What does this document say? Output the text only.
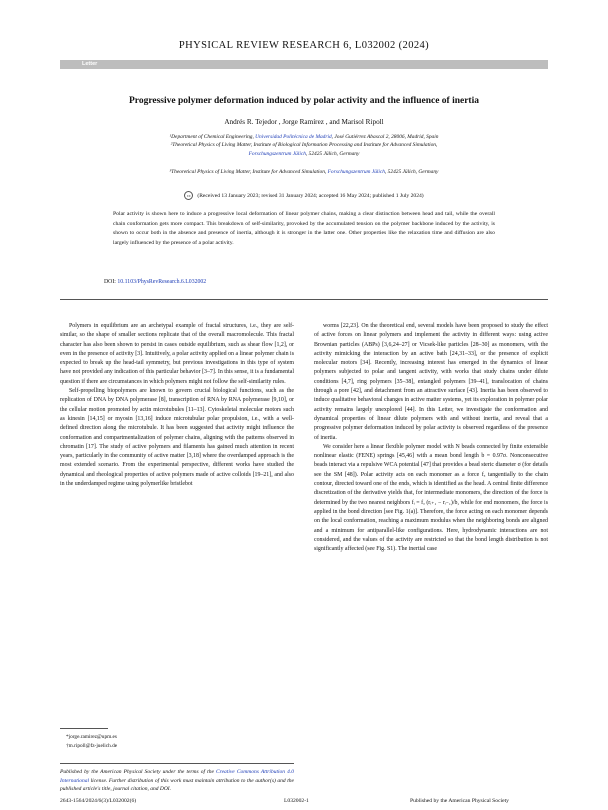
PHYSICAL REVIEW RESEARCH 6, L032002 (2024)
Letter
Progressive polymer deformation induced by polar activity and the influence of inertia
Andrés R. Tejedor , Jorge Ramírez , and Marisol Ripoll
¹Department of Chemical Engineering, Universidad Politécnica de Madrid, José Gutiérrez Abascal 2, 28006, Madrid, Spain
²Theoretical Physics of Living Matter, Institute of Biological Information Processing and Institute for Advanced Simulation,
Forschungszentrum Jülich, 52425 Jülich, Germany
³Theoretical Physics of Living Matter, Institute for Advanced Simulation, Forschungszentrum Jülich, 52425 Jülich, Germany
cc (Received 13 January 2023; revised 31 January 2024; accepted 16 May 2024; published 1 July 2024)
Polar activity is shown here to induce a progressive local deformation of linear polymer chains, making a clear distinction between head and tail, while the overall chain conformation gets more compact. This breakdown of self-similarity, provoked by the accumulated tension on the polymer backbone induced by the activity, is shown to occur both in the absence and presence of inertia, although it is stronger in the latter one. Other properties like the relaxation time and diffusion are also largely influenced by the presence of a polar activity.
DOI: 10.1103/PhysRevResearch.6.L032002

Polymers in equilibrium are an archetypal example of fractal structures, i.e., they are self-similar, so the shape of smaller sections replicate that of the overall macromolecule. This fractal character has also been shown to persist in cases outside equilibrium, such as shear flow [1,2], or even in the presence of activity [3]. Intuitively, a polar activity applied on a linear polymer chain is expected to break up the head-tail symmetry, but previous investigations in this type of system have not provided any indication of this particular behavior [3–7]. In this sense, it is a fundamental question if there are circumstances in which polymers might not follow the self-similarity rules.

Self-propelling biopolymers are known to govern crucial biological functions, such as the replication of DNA by DNA polymerase [8], transcription of RNA by RNA polymerase [9,10], or the cellular motion promoted by actin microtubules [11–13]. Cytoskeletal molecular motors such as kinesin [14,15] or myosin [13,16] induce microtubular polar propulsion, i.e., with a well-defined direction along the microtubule. It has been suggested that activity might influence the conformation and compartmentalization of polymer chains, aligning with the patterns observed in chromatin [17]. The study of active polymers and filaments has gained much attention in recent years, particularly in the community of active matter [3,18] where the overdamped approach is the most extended scenario. From the experimental perspective, different works have studied the dynamical and rheological properties of active polymers made of active colloids [19–21], and also in the underdamped regime using polymerlike bristlebot

worms [22,23]. On the theoretical end, several models have been proposed to study the effect of active forces on linear polymers and implement the activity in different ways: using active Brownian particles (ABPs) [3,6,24–27] or Vicsek-like particles [28–30] as monomers, with the activity mimicking the interaction by an active bath [24,31–33], or the presence of explicit molecular motors [34]. Recently, increasing interest has emerged in the dynamics of linear polymers subjected to polar and tangent activity, with works that study chains under dilute conditions [4,7], ring polymers [35–38], entangled polymers [39–41], translocation of chains through a pore [42], and detachment from an attractive surface [43]. Inertia has been observed to induce qualitative behavioral changes in active matter systems, yet its exploration in polymer polar activity remains largely unexplored [44]. In this Letter, we investigate the conformation and dynamical properties of linear dilute polymers with and without inertia, and reveal that a progressive polymer deformation induced by polar activity is observed regardless of the presence of inertia.

We consider here a linear flexible polymer model with N beads connected by finite extensible nonlinear elastic (FENE) springs [45,46] with a mean bond length b = 0.97σ. Nonconsecutive beads interact via a repulsive WCA potential [47] that provides a bead steric diameter σ (for details see the SM [48]). Polar activity acts on each monomer as a force fₐ tangentially to the chain contour, directed toward one of the ends, which is identified as the head. A central finite difference discretization of the derivative yields that, for intermediate monomers, the direction of the force is determined by the two nearest neighbors fᵢ = fₐ (rᵢ₊₁ − rᵢ₋₁)/b, while for end monomers, the force is applied in the bond direction [see Fig. 1(a)]. Therefore, the force acting on each monomer depends on the local conformation, reaching a maximum modulus when the neighboring bonds are aligned and a minimum for antiparallel-like configurations. Here, hydrodynamic interactions are not considered, and the values of the activity are restricted so that the bond length distribution is not significantly affected (see Fig. S1). The inertial case

*jorge.ramirez@upm.es
†m.ripoll@fz-juelich.de
Published by the American Physical Society under the terms of the Creative Commons Attribution 4.0 International license. Further distribution of this work must maintain attribution to the author(s) and the published article's title, journal citation, and DOI.
2643-1564/2024/6(3)/L032002(6)	L032002-1	Published by the American Physical Society
